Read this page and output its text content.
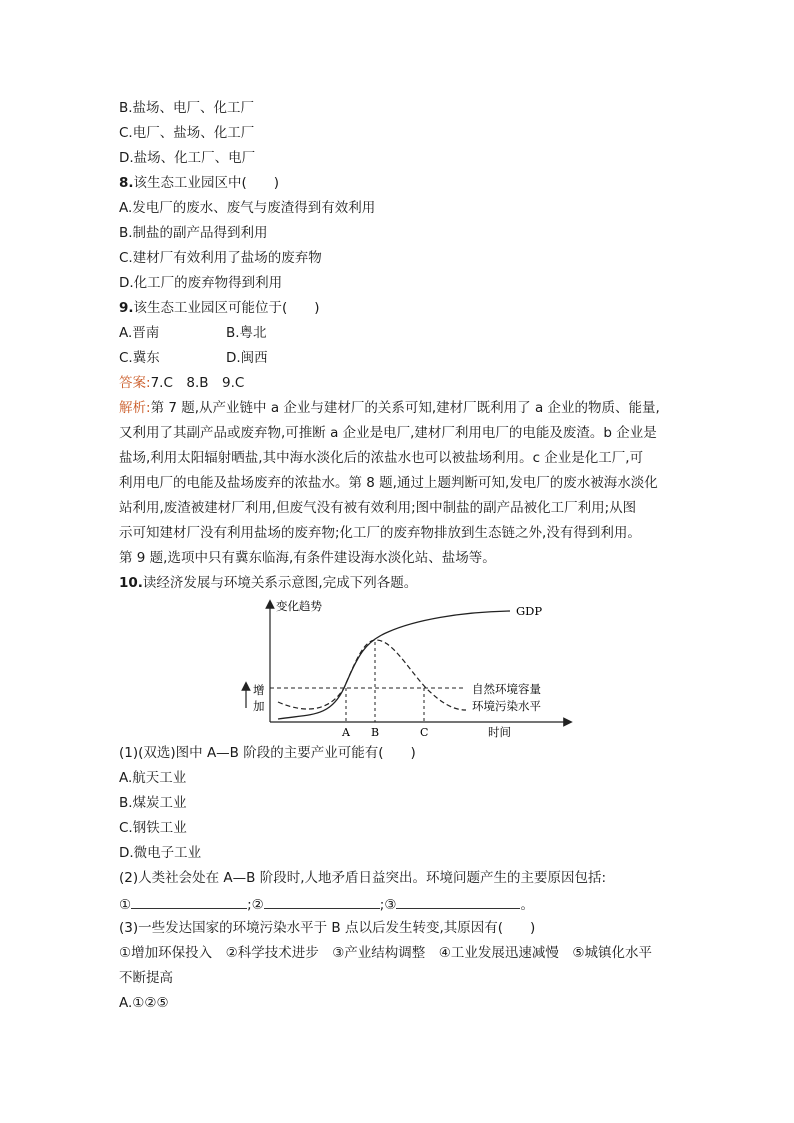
B.盐场、电厂、化工厂
C.电厂、盐场、化工厂
D.盐场、化工厂、电厂
8.该生态工业园区中(　　)
A.发电厂的废水、废气与废渣得到有效利用
B.制盐的副产品得到利用
C.建材厂有效利用了盐场的废弃物
D.化工厂的废弃物得到利用
9.该生态工业园区可能位于(　　)
A.晋南	B.粤北
C.冀东	D.闽西
答案:7.C　8.B　9.C
解析:第 7 题,从产业链中 a 企业与建材厂的关系可知,建材厂既利用了 a 企业的物质、能量,
又利用了其副产品或废弃物,可推断 a 企业是电厂,建材厂利用电厂的电能及废渣。b 企业是
盐场,利用太阳辐射晒盐,其中海水淡化后的浓盐水也可以被盐场利用。c 企业是化工厂,可
利用电厂的电能及盐场废弃的浓盐水。第 8 题,通过上题判断可知,发电厂的废水被海水淡化
站利用,废渣被建材厂利用,但废气没有被有效利用;图中制盐的副产品被化工厂利用;从图
示可知建材厂没有利用盐场的废弃物;化工厂的废弃物排放到生态链之外,没有得到利用。
第 9 题,选项中只有冀东临海,有条件建设海水淡化站、盐场等。
10.读经济发展与环境关系示意图,完成下列各题。
变化趋势
时间
增
加
A B	C
GDP
自然环境容量
环境污染水平
(1)(双选)图中 A—B 阶段的主要产业可能有(　　)
A.航天工业
B.煤炭工业
C.钢铁工业
D.微电子工业
(2)人类社会处在 A—B 阶段时,人地矛盾日益突出。环境问题产生的主要原因包括:
①	;②	;③	。
(3)一些发达国家的环境污染水平于 B 点以后发生转变,其原因有(　　)
①增加环保投入　②科学技术进步　③产业结构调整　④工业发展迅速减慢　⑤城镇化水平
不断提高
A.①②⑤
